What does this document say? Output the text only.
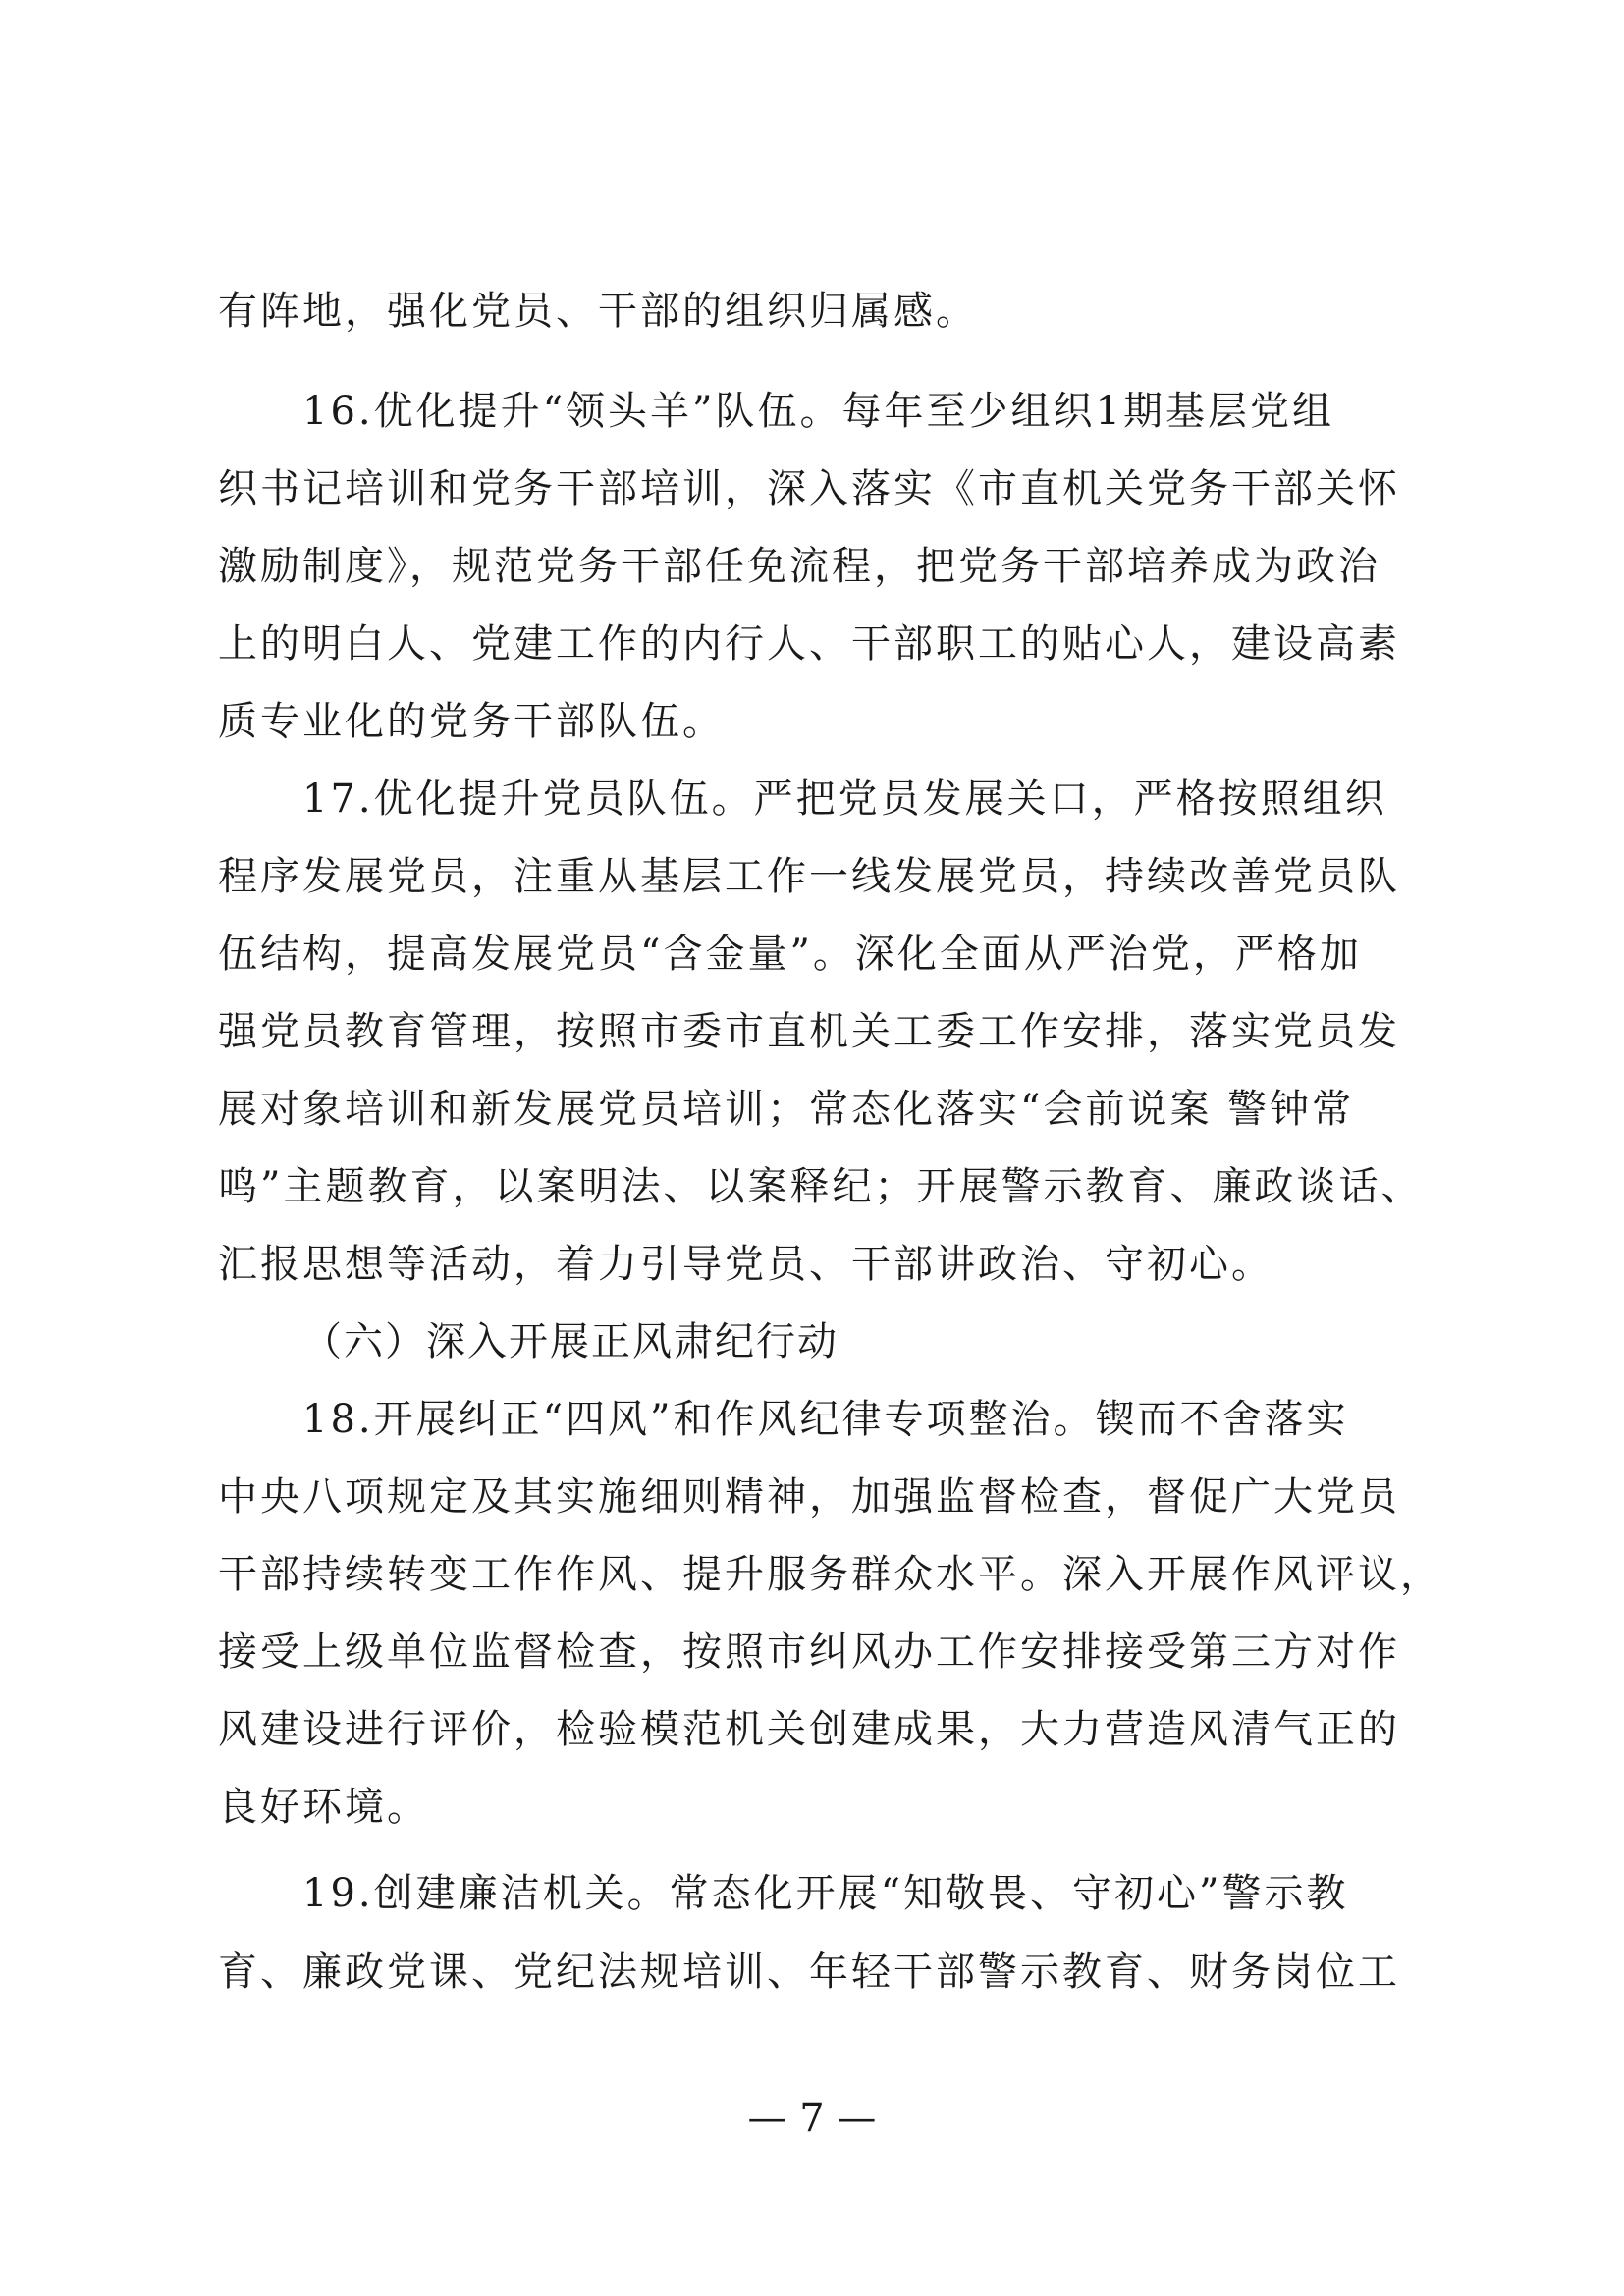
有阵地，强化党员、干部的组织归属感。
16.优化提升“领头羊”队伍。每年至少组织1期基层党组
织书记培训和党务干部培训，深入落实《市直机关党务干部关怀
激励制度》，规范党务干部任免流程，把党务干部培养成为政治
上的明白人、党建工作的内行人、干部职工的贴心人，建设高素
质专业化的党务干部队伍。
17.优化提升党员队伍。严把党员发展关口，严格按照组织
程序发展党员，注重从基层工作一线发展党员，持续改善党员队
伍结构，提高发展党员“含金量”。深化全面从严治党，严格加
强党员教育管理，按照市委市直机关工委工作安排，落实党员发
展对象培训和新发展党员培训；常态化落实“会前说案 警钟常
鸣”主题教育，以案明法、以案释纪；开展警示教育、廉政谈话、
汇报思想等活动，着力引导党员、干部讲政治、守初心。
（六）深入开展正风肃纪行动
18.开展纠正“四风”和作风纪律专项整治。锲而不舍落实
中央八项规定及其实施细则精神，加强监督检查，督促广大党员
干部持续转变工作作风、提升服务群众水平。深入开展作风评议，
接受上级单位监督检查，按照市纠风办工作安排接受第三方对作
风建设进行评价，检验模范机关创建成果，大力营造风清气正的
良好环境。
19.创建廉洁机关。常态化开展“知敬畏、守初心”警示教
育、廉政党课、党纪法规培训、年轻干部警示教育、财务岗位工
— 7 —
